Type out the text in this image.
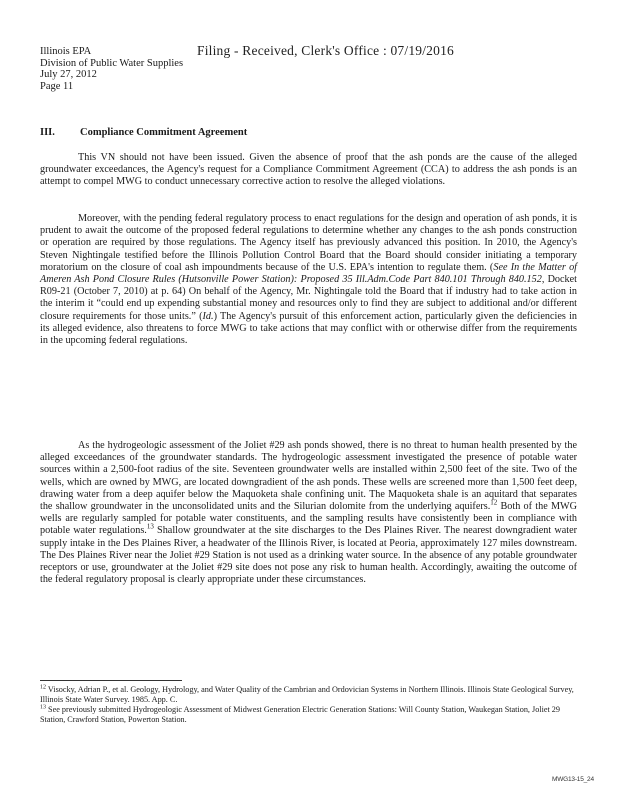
Filing - Received, Clerk's Office : 07/19/2016
Illinois EPA
Division of Public Water Supplies
July 27, 2012
Page 11
III. Compliance Commitment Agreement

This VN should not have been issued. Given the absence of proof that the ash ponds are the cause of the alleged groundwater exceedances, the Agency's request for a Compliance Commitment Agreement (CCA) to address the ash ponds is an attempt to compel MWG to conduct unnecessary corrective action to resolve the alleged violations.

Moreover, with the pending federal regulatory process to enact regulations for the design and operation of ash ponds, it is prudent to await the outcome of the proposed federal regulations to determine whether any changes to the ash ponds construction or operation are required by those regulations. The Agency itself has previously advanced this position. In 2010, the Agency's Steven Nightingale testified before the Illinois Pollution Control Board that the Board should consider initiating a temporary moratorium on the closure of coal ash impoundments because of the U.S. EPA's intention to regulate them. (See In the Matter of Ameren Ash Pond Closure Rules (Hutsonville Power Station): Proposed 35 Ill.Adm.Code Part 840.101 Through 840.152, Docket R09-21 (October 7, 2010) at p. 64) On behalf of the Agency, Mr. Nightingale told the Board that if industry had to take action in the interim it “could end up expending substantial money and resources only to find they are subject to additional and/or different closure requirements for those units.” (Id.) The Agency's pursuit of this enforcement action, particularly given the deficiencies in its alleged evidence, also threatens to force MWG to take actions that may conflict with or otherwise differ from the requirements in the upcoming federal regulations.

As the hydrogeologic assessment of the Joliet #29 ash ponds showed, there is no threat to human health presented by the alleged exceedances of the groundwater standards. The hydrogeologic assessment investigated the presence of potable water sources within a 2,500-foot radius of the site. Seventeen groundwater wells are installed within 2,500 feet of the site. Two of the wells, which are owned by MWG, are located downgradient of the ash ponds. These wells are screened more than 1,500 feet deep, drawing water from a deep aquifer below the Maquoketa shale confining unit. The Maquoketa shale is an aquitard that separates the shallow groundwater in the unconsolidated units and the Silurian dolomite from the underlying aquifers.$^{12}$ Both of the MWG wells are regularly sampled for potable water constituents, and the sampling results have consistently been in compliance with potable water regulations.$^{13}$ Shallow groundwater at the site discharges to the Des Plaines River. The nearest downgradient water supply intake in the Des Plaines River, a headwater of the Illinois River, is located at Peoria, approximately 127 miles downstream. The Des Plaines River near the Joliet #29 Station is not used as a drinking water source. In the absence of any potable groundwater receptors or use, groundwater at the Joliet #29 site does not pose any risk to human health. Accordingly, awaiting the outcome of the federal regulatory proposal is clearly appropriate under these circumstances.

$^{12}$ Visocky, Adrian P., et al. Geology, Hydrology, and Water Quality of the Cambrian and Ordovician Systems in Northern Illinois. Illinois State Geological Survey, Illinois State Water Survey. 1985. App. C.

$^{13}$ See previously submitted Hydrogeologic Assessment of Midwest Generation Electric Generation Stations: Will County Station, Waukegan Station, Joliet 29 Station, Crawford Station, Powerton Station.

MWG13-15_24
